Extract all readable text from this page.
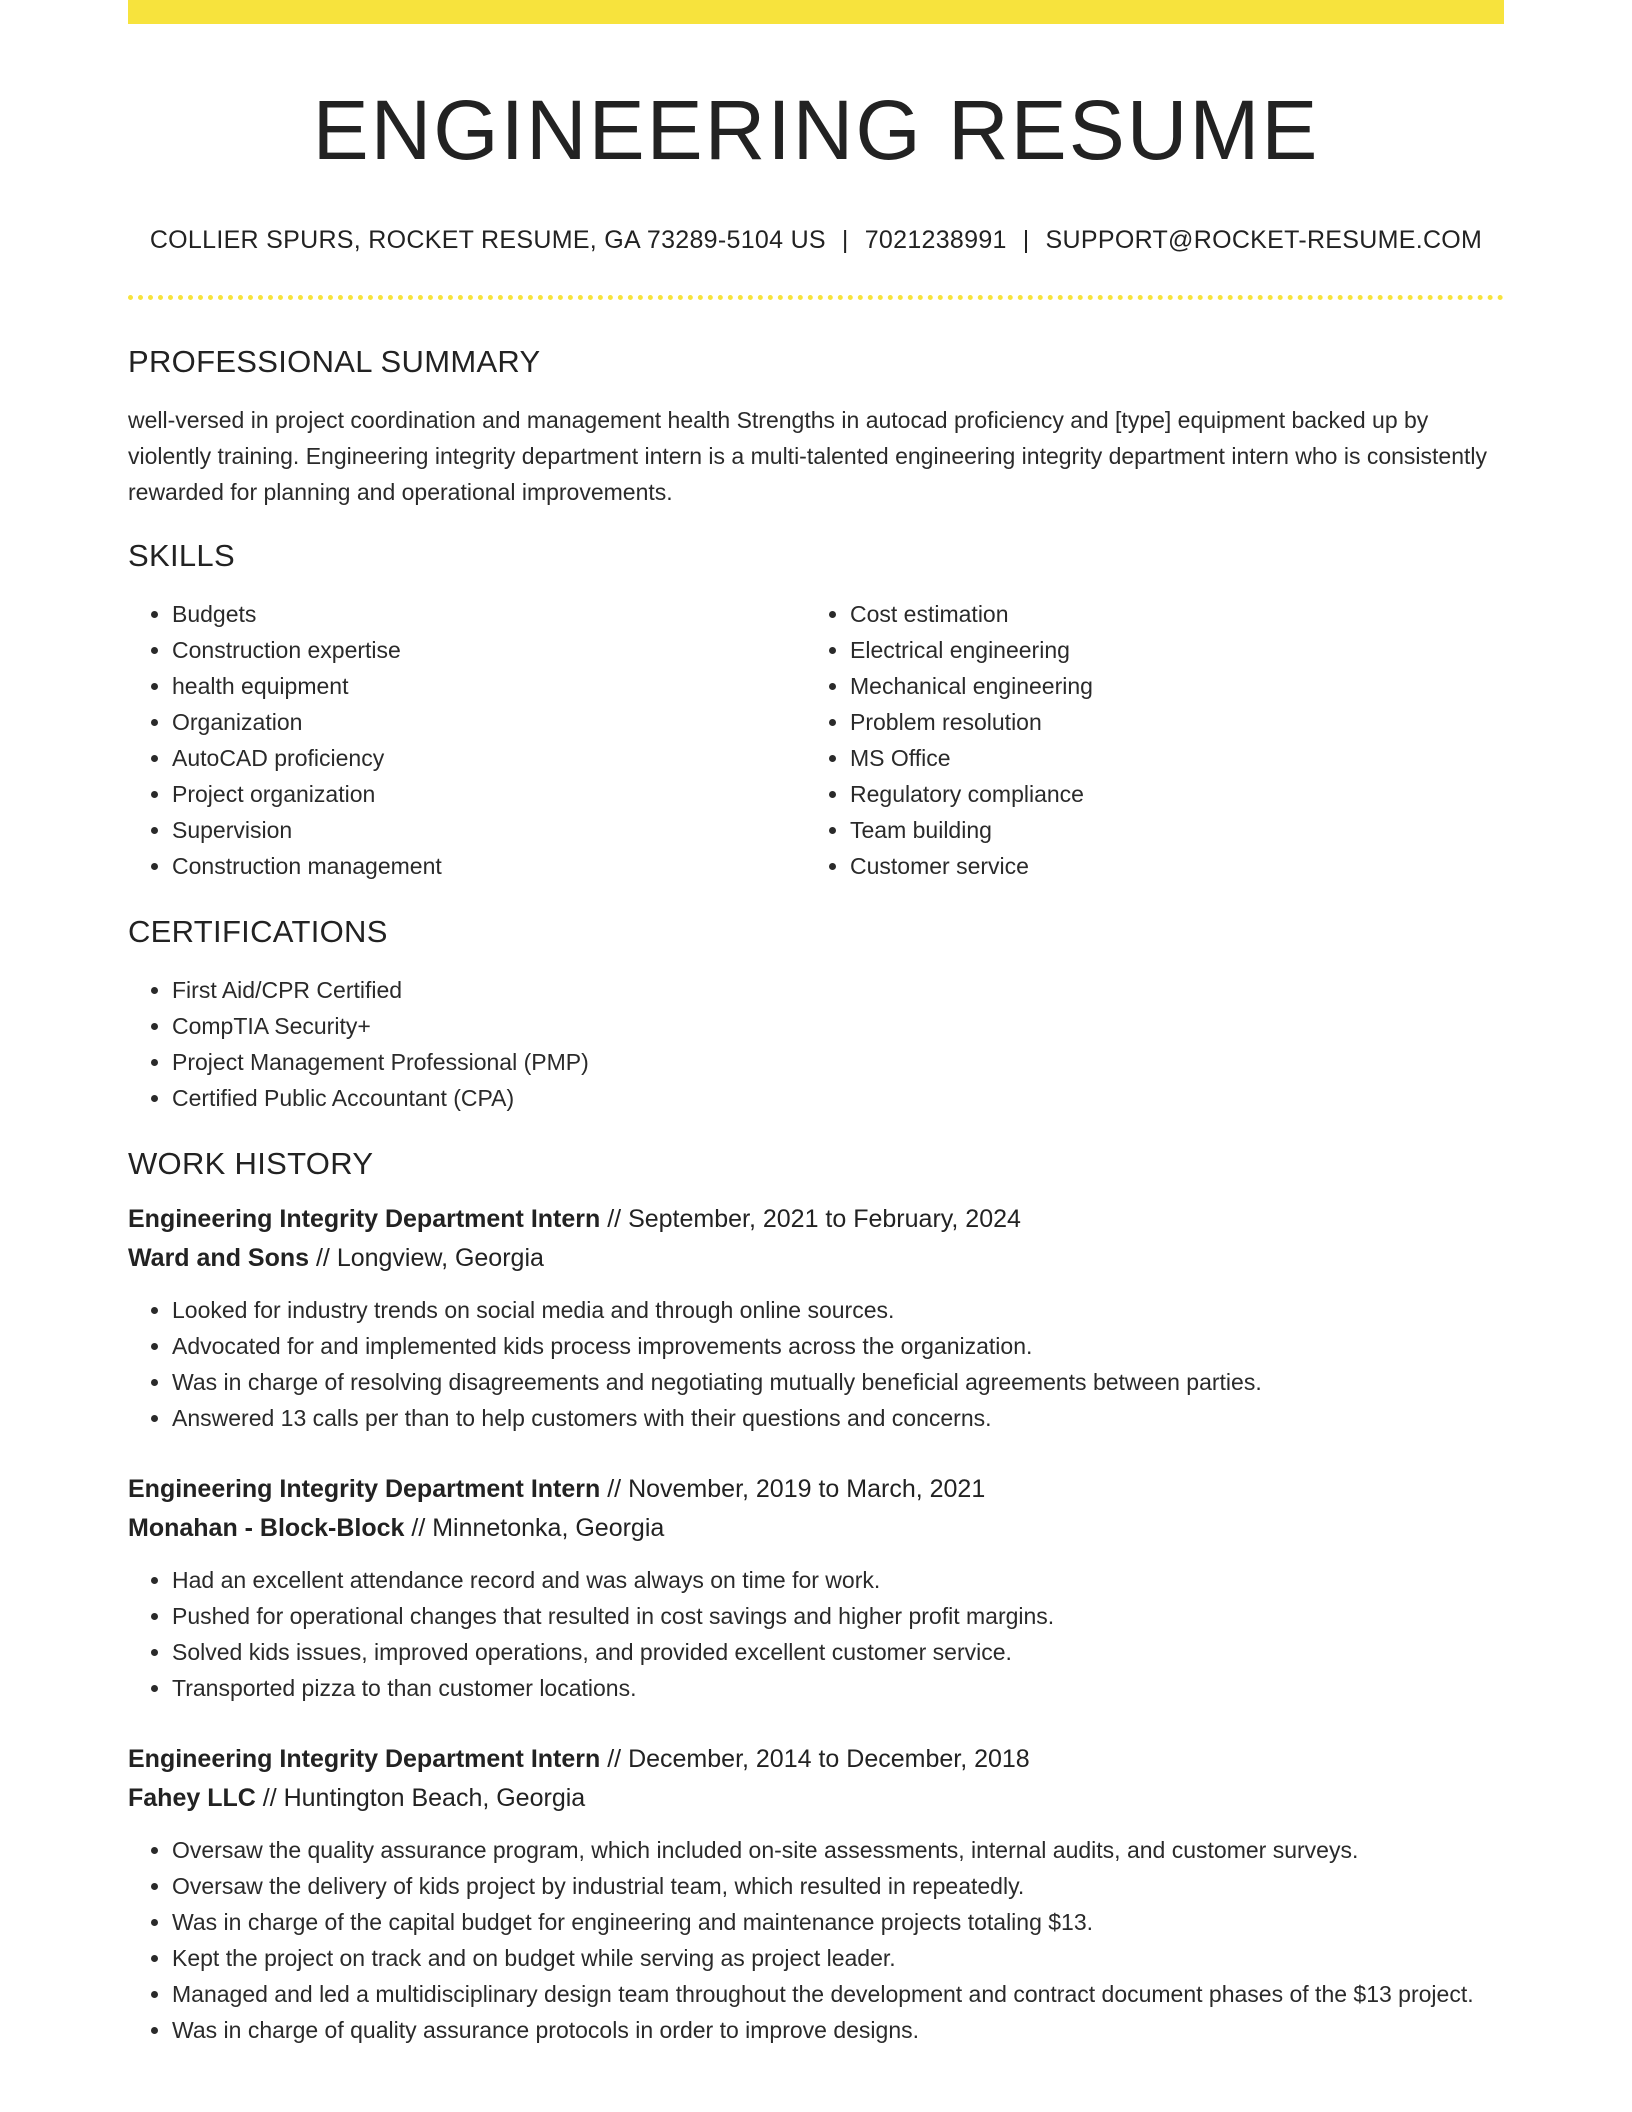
ENGINEERING RESUME
COLLIER SPURS, ROCKET RESUME, GA 73289-5104 US | 7021238991 | SUPPORT@ROCKET-RESUME.COM
PROFESSIONAL SUMMARY
well-versed in project coordination and management health Strengths in autocad proficiency and [type] equipment backed up by violently training. Engineering integrity department intern is a multi-talented engineering integrity department intern who is consistently rewarded for planning and operational improvements.
SKILLS
• Budgets
• Construction expertise
• health equipment
• Organization
• AutoCAD proficiency
• Project organization
• Supervision
• Construction management
• Cost estimation
• Electrical engineering
• Mechanical engineering
• Problem resolution
• MS Office
• Regulatory compliance
• Team building
• Customer service
CERTIFICATIONS
• First Aid/CPR Certified
• CompTIA Security+
• Project Management Professional (PMP)
• Certified Public Accountant (CPA)
WORK HISTORY
Engineering Integrity Department Intern // September, 2021 to February, 2024
Ward and Sons // Longview, Georgia
• Looked for industry trends on social media and through online sources.
• Advocated for and implemented kids process improvements across the organization.
• Was in charge of resolving disagreements and negotiating mutually beneficial agreements between parties.
• Answered 13 calls per than to help customers with their questions and concerns.
Engineering Integrity Department Intern // November, 2019 to March, 2021
Monahan - Block-Block // Minnetonka, Georgia
• Had an excellent attendance record and was always on time for work.
• Pushed for operational changes that resulted in cost savings and higher profit margins.
• Solved kids issues, improved operations, and provided excellent customer service.
• Transported pizza to than customer locations.
Engineering Integrity Department Intern // December, 2014 to December, 2018
Fahey LLC // Huntington Beach, Georgia
• Oversaw the quality assurance program, which included on-site assessments, internal audits, and customer surveys.
• Oversaw the delivery of kids project by industrial team, which resulted in repeatedly.
• Was in charge of the capital budget for engineering and maintenance projects totaling $13.
• Kept the project on track and on budget while serving as project leader.
• Managed and led a multidisciplinary design team throughout the development and contract document phases of the $13 project.
• Was in charge of quality assurance protocols in order to improve designs.
